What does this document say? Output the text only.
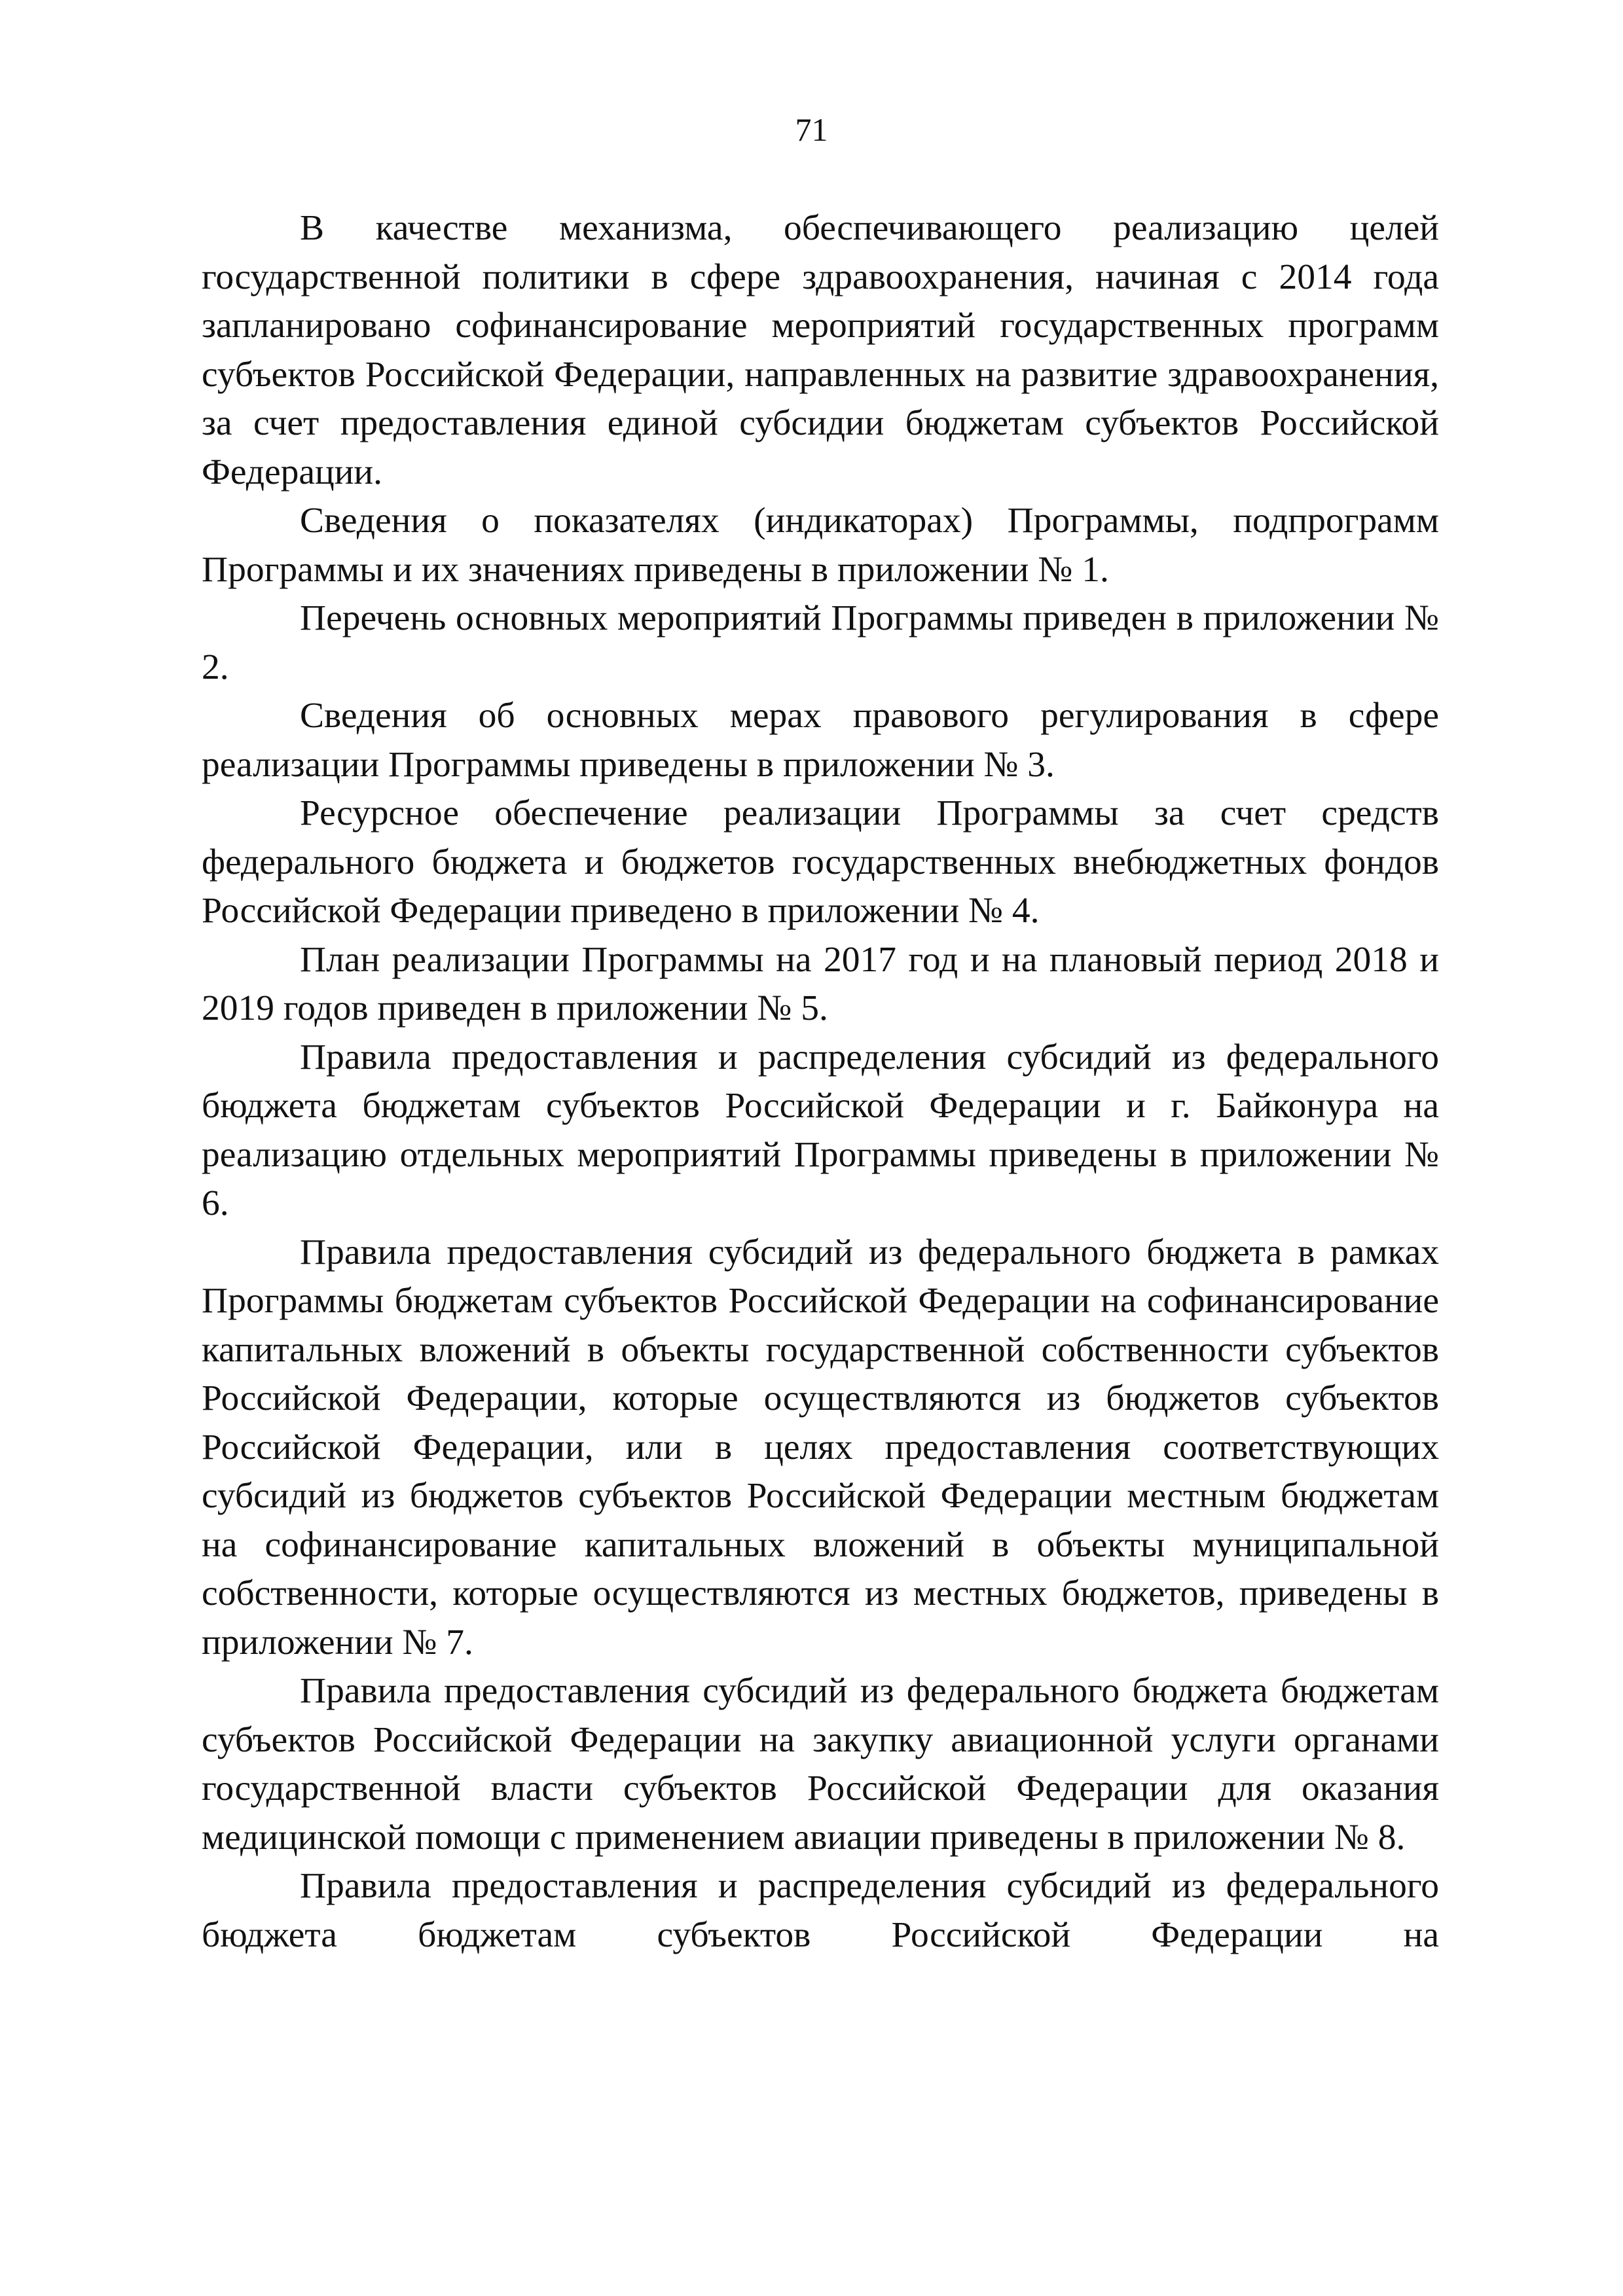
71

В качестве механизма, обеспечивающего реализацию целей государственной политики в сфере здравоохранения, начиная с 2014 года запланировано софинансирование мероприятий государственных программ субъектов Российской Федерации, направленных на развитие здравоохранения, за счет предоставления единой субсидии бюджетам субъектов Российской Федерации.

Сведения о показателях (индикаторах) Программы, подпрограмм Программы и их значениях приведены в приложении № 1.

Перечень основных мероприятий Программы приведен в приложении № 2.

Сведения об основных мерах правового регулирования в сфере реализации Программы приведены в приложении № 3.

Ресурсное обеспечение реализации Программы за счет средств федерального бюджета и бюджетов государственных внебюджетных фондов Российской Федерации приведено в приложении № 4.

План реализации Программы на 2017 год и на плановый период 2018 и 2019 годов приведен в приложении № 5.

Правила предоставления и распределения субсидий из федерального бюджета бюджетам субъектов Российской Федерации и г. Байконура на реализацию отдельных мероприятий Программы приведены в приложении № 6.

Правила предоставления субсидий из федерального бюджета в рамках Программы бюджетам субъектов Российской Федерации на софинансирование капитальных вложений в объекты государственной собственности субъектов Российской Федерации, которые осуществляются из бюджетов субъектов Российской Федерации, или в целях предоставления соответствующих субсидий из бюджетов субъектов Российской Федерации местным бюджетам на софинансирование капитальных вложений в объекты муниципальной собственности, которые осуществляются из местных бюджетов, приведены в приложении № 7.

Правила предоставления субсидий из федерального бюджета бюджетам субъектов Российской Федерации на закупку авиационной услуги органами государственной власти субъектов Российской Федерации для оказания медицинской помощи с применением авиации приведены в приложении № 8.

Правила предоставления и распределения субсидий из федерального бюджета бюджетам субъектов Российской Федерации на
